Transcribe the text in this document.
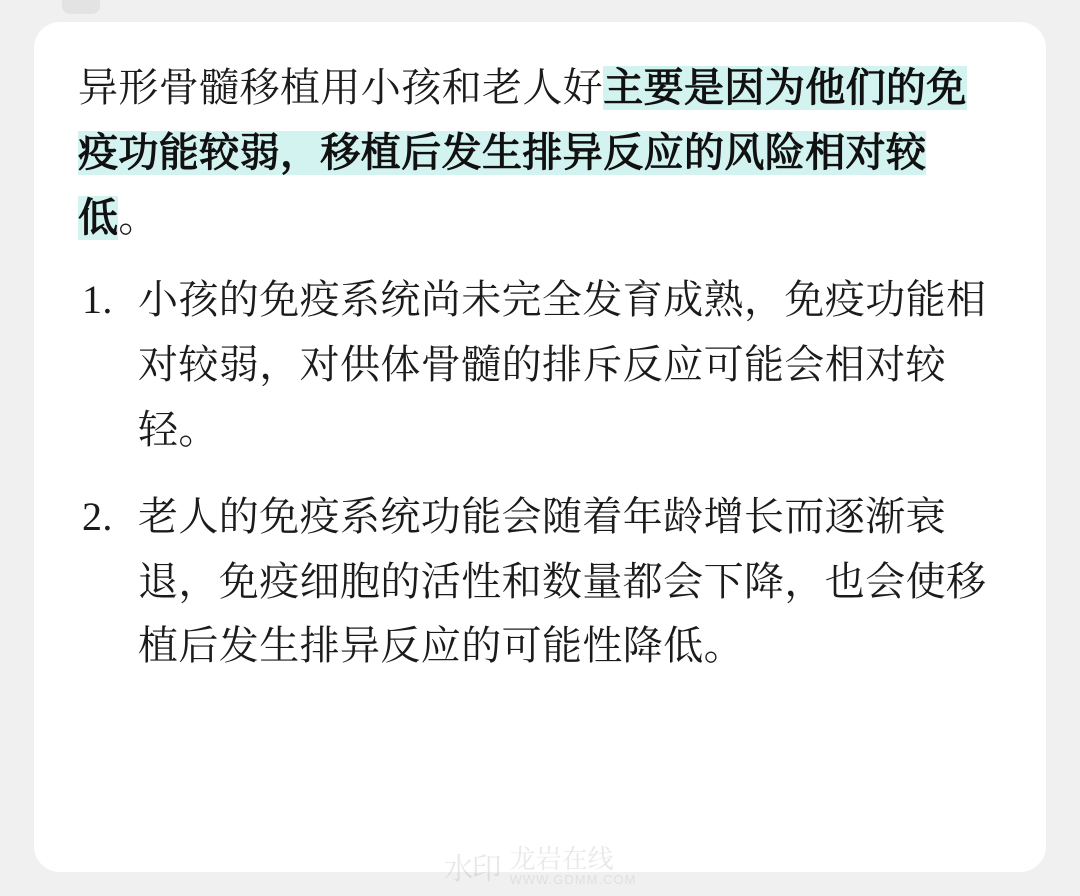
异形骨髓移植用小孩和老人好主要是因为他们的免疫功能较弱，移植后发生排异反应的风险相对较低。

小孩的免疫系统尚未完全发育成熟，免疫功能相对较弱，对供体骨髓的排斥反应可能会相对较轻。
老人的免疫系统功能会随着年龄增长而逐渐衰退，免疫细胞的活性和数量都会下降，也会使移植后发生排异反应的可能性降低。
水印 龙岩在线
WWW.GDMM.COM
